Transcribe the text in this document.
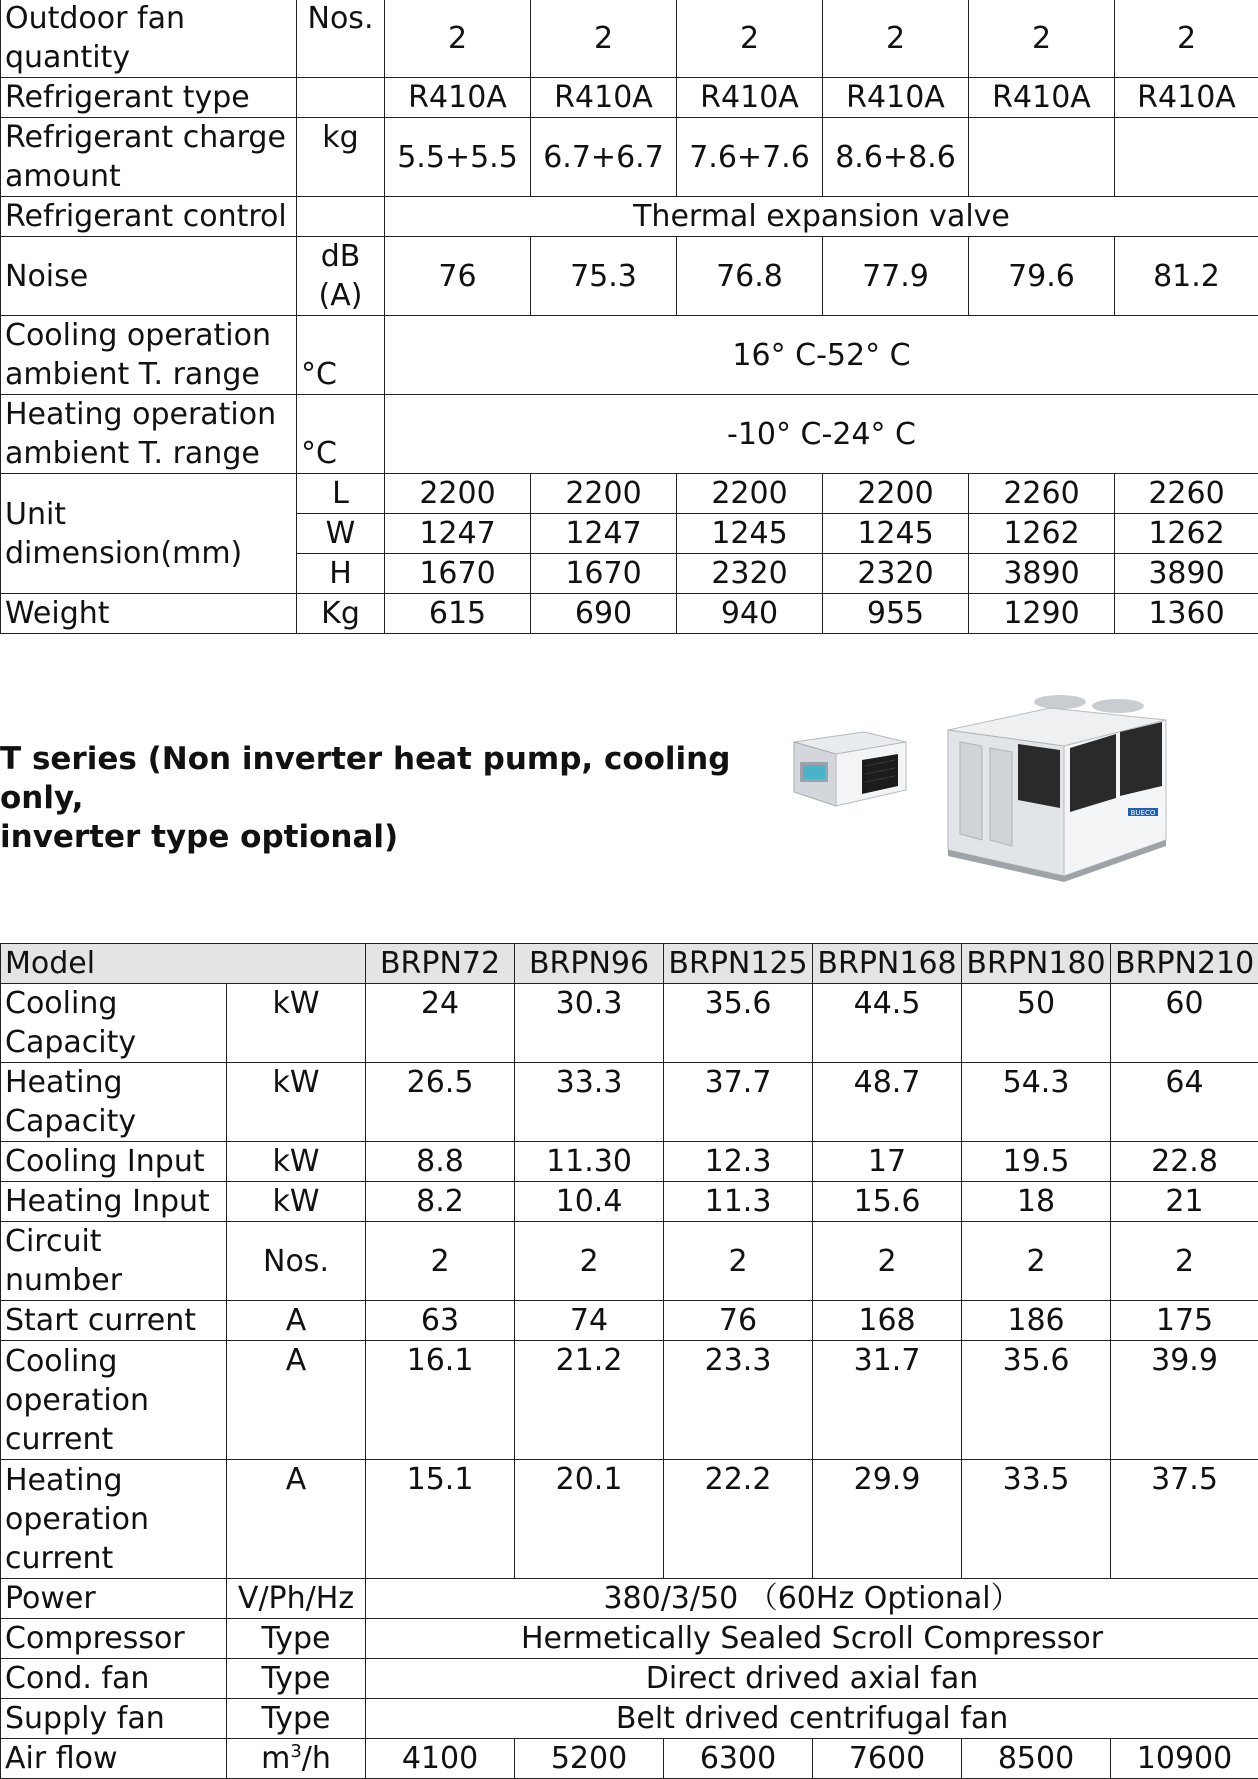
Outdoor fan quantity	Nos.	2	2	2	2	2	2
Refrigerant type		R410A	R410A	R410A	R410A	R410A	R410A
Refrigerant charge amount	kg	5.5+5.5	6.7+6.7	7.6+7.6	8.6+8.6		
Refrigerant control		Thermal expansion valve					
Noise	dB (A)	76	75.3	76.8	77.9	79.6	81.2
Cooling operation ambient T. range	°C	16° C-52° C					
Heating operation ambient T. range	°C	-10° C-24° C					
Unit dimension(mm)	L	2200	2200	2200	2200	2260	2260
	W	1247	1247	1245	1245	1262	1262
	H	1670	1670	2320	2320	3890	3890
Weight	Kg	615	690	940	955	1290	1360
T series (Non inverter heat pump, cooling only,
inverter type optional)
BUECO
Model		BRPN72	BRPN96	BRPN125	BRPN168	BRPN180	BRPN210
Cooling Capacity	kW	24	30.3	35.6	44.5	50	60
Heating Capacity	kW	26.5	33.3	37.7	48.7	54.3	64
Cooling Input	kW	8.8	11.30	12.3	17	19.5	22.8
Heating Input	kW	8.2	10.4	11.3	15.6	18	21
Circuit number	Nos.	2	2	2	2	2	2
Start current	A	63	74	76	168	186	175
Cooling operation current	A	16.1	21.2	23.3	31.7	35.6	39.9
Heating operation current	A	15.1	20.1	22.2	29.9	33.5	37.5
Power	V/Ph/Hz	380/3/50 （60Hz Optional）					
Compressor	Type	Hermetically Sealed Scroll Compressor					
Cond. fan	Type	Direct drived axial fan					
Supply fan	Type	Belt drived centrifugal fan					
Air flow	$m^3/h$	4100	5200	6300	7600	8500	10900
